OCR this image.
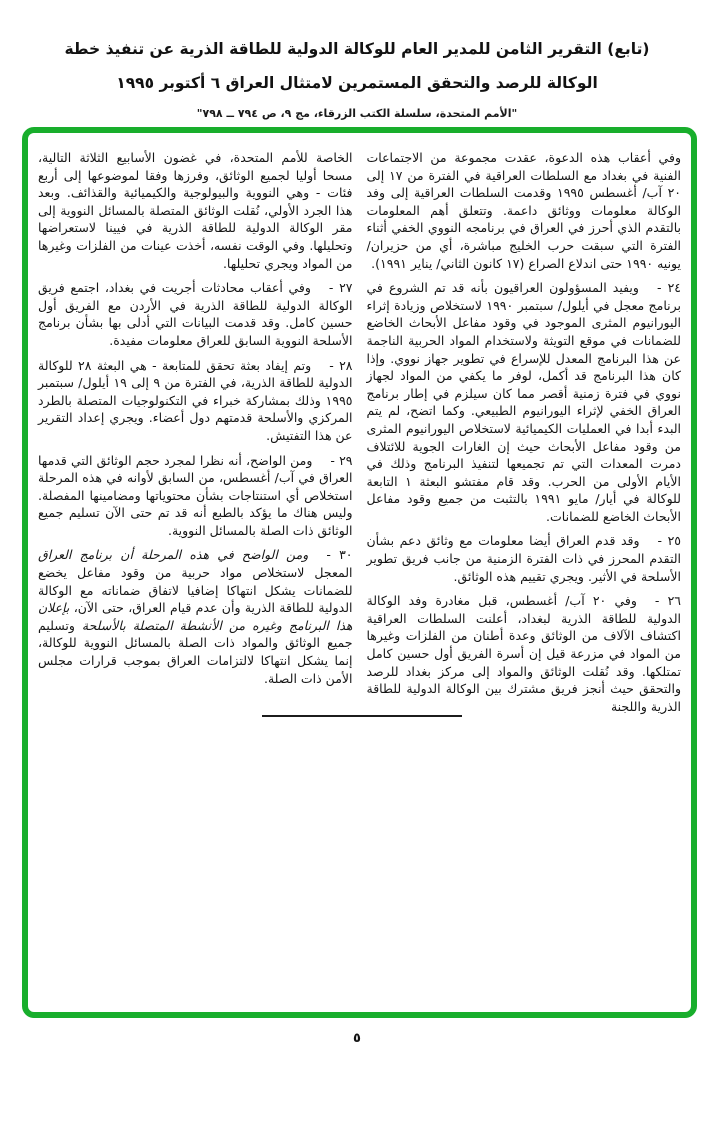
(تابع) التقرير الثامن للمدير العام للوكالة الدولية للطاقة الذرية عن تنفيذ خطة
الوكالة للرصد والتحقق المستمرين لامتثال العراق ٦ أكتوبر ١٩٩٥
"الأمم المتحدة، سلسلة الكتب الزرقاء، مج ٩، ص ٧٩٤ ــ ٧٩٨"

وفي أعقاب هذه الدعوة، عقدت مجموعة من الاجتماعات الفنية في بغداد مع السلطات العراقية في الفترة من ١٧ إلى ٢٠ آب/ أغسطس ١٩٩٥ وقدمت السلطات العراقية إلى وفد الوكالة معلومات ووثائق داعمة. وتتعلق أهم المعلومات بالتقدم الذي أحرز في العراق في برنامجه النووي الخفي أثناء الفترة التي سبقت حرب الخليج مباشرة، أي من حزيران/ يونيه ١٩٩٠ حتى اندلاع الصراع (١٧ كانون الثاني/ يناير ١٩٩١).

٢٤ -ويفيد المسؤولون العراقيون بأنه قد تم الشروع في برنامج معجل في أيلول/ سبتمبر ١٩٩٠ لاستخلاص وزيادة إثراء اليورانيوم المثرى الموجود في وقود مفاعل الأبحاث الخاضع للضمانات في موقع التويثة ولاستخدام المواد الحربية الناجمة عن هذا البرنامج المعدل للإسراع في تطوير جهاز نووي. وإذا كان هذا البرنامج قد أكمل، لوفر ما يكفي من المواد لجهاز نووي في فترة زمنية أقصر مما كان سيلزم في إطار برنامج العراق الخفي لإثراء اليورانيوم الطبيعي. وكما اتضح، لم يتم البدء أبدا في العمليات الكيميائية لاستخلاص اليورانيوم المثرى من وقود مفاعل الأبحاث حيث إن الغارات الجوية للائتلاف دمرت المعدات التي تم تجميعها لتنفيذ البرنامج وذلك في الأيام الأولى من الحرب. وقد قام مفتشو البعثة ١ التابعة للوكالة في أيار/ مايو ١٩٩١ بالتثبت من جميع وقود مفاعل الأبحاث الخاضع للضمانات.

٢٥ -وقد قدم العراق أيضا معلومات مع وثائق دعم بشأن التقدم المحرز في ذات الفترة الزمنية من جانب فريق تطوير الأسلحة في الأثير. ويجري تقييم هذه الوثائق.

٢٦ -وفي ٢٠ آب/ أغسطس، قبل مغادرة وفد الوكالة الدولية للطاقة الذرية لبغداد، أعلنت السلطات العراقية اكتشاف الآلاف من الوثائق وعدة أطنان من الفلزات وغيرها من المواد في مزرعة قيل إن أسرة الفريق أول حسين كامل تمتلكها. وقد نُقلت الوثائق والمواد إلى مركز بغداد للرصد والتحقق حيث أنجز فريق مشترك بين الوكالة الدولية للطاقة الذرية واللجنة

الخاصة للأمم المتحدة، في غضون الأسابيع الثلاثة التالية، مسحا أوليا لجميع الوثائق، وفرزها وفقا لموضوعها إلى أربع فئات - وهي النووية والبيولوجية والكيميائية والقذائف. وبعد هذا الجرد الأولي، نُقلت الوثائق المتصلة بالمسائل النووية إلى مقر الوكالة الدولية للطاقة الذرية في فيينا لاستعراضها وتحليلها. وفي الوقت نفسه، أخذت عينات من الفلزات وغيرها من المواد ويجري تحليلها.

٢٧ -وفي أعقاب محادثات أجريت في بغداد، اجتمع فريق الوكالة الدولية للطاقة الذرية في الأردن مع الفريق أول حسين كامل. وقد قدمت البيانات التي أدلى بها بشأن برنامج الأسلحة النووية السابق للعراق معلومات مفيدة.

٢٨ -وتم إيفاد بعثة تحقق للمتابعة - هي البعثة ٢٨ للوكالة الدولية للطاقة الذرية، في الفترة من ٩ إلى ١٩ أيلول/ سبتمبر ١٩٩٥ وذلك بمشاركة خبراء في التكنولوجيات المتصلة بالطرد المركزي والأسلحة قدمتهم دول أعضاء. ويجري إعداد التقرير عن هذا التفتيش.

٢٩ -ومن الواضح، أنه نظرا لمجرد حجم الوثائق التي قدمها العراق في آب/ أغسطس، من السابق لأوانه في هذه المرحلة استخلاص أي استنتاجات بشأن محتوياتها ومضامينها المفصلة. وليس هناك ما يؤكد بالطبع أنه قد تم حتى الآن تسليم جميع الوثائق ذات الصلة بالمسائل النووية.

٣٠ -ومن الواضح في هذه المرحلة أن برنامج العراق المعجل لاستخلاص مواد حربية من وقود مفاعل يخضع للضمانات يشكل انتهاكا إضافيا لاتفاق ضماناته مع الوكالة الدولية للطاقة الذرية وأن عدم قيام العراق، حتى الآن، بإعلان هذا البرنامج وغيره من الأنشطة المتصلة بالأسلحة وتسليم جميع الوثائق والمواد ذات الصلة بالمسائل النووية للوكالة، إنما يشكل انتهاكا لالتزامات العراق بموجب قرارات مجلس الأمن ذات الصلة.

٥
